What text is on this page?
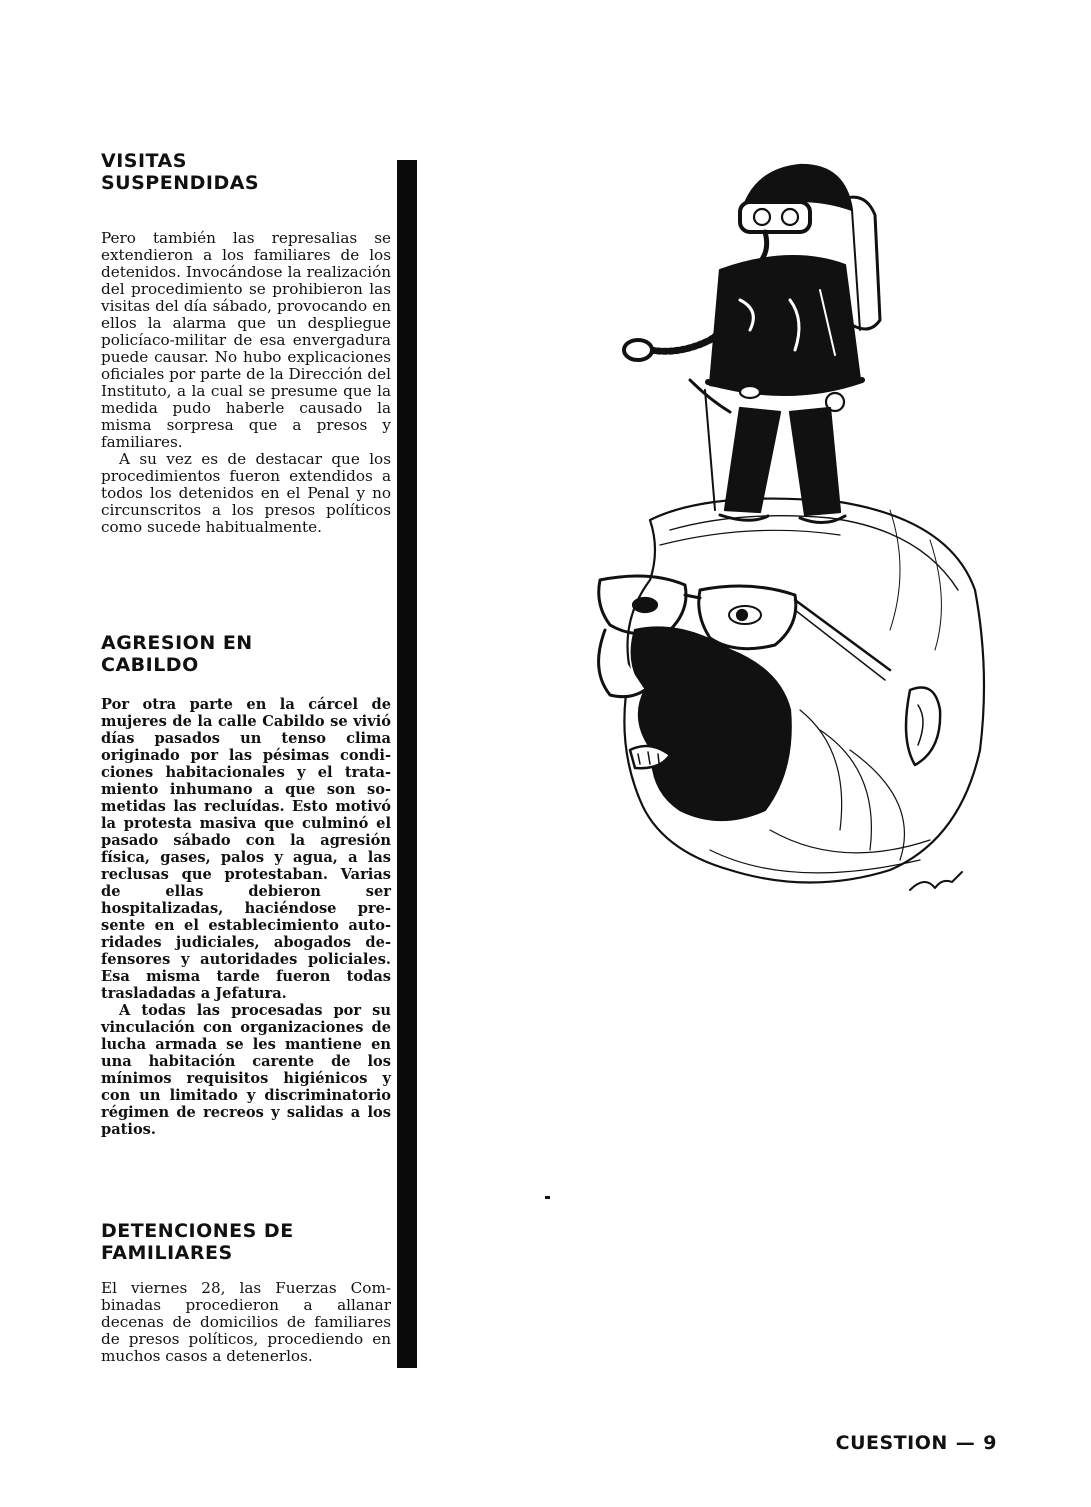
VISITAS
SUSPENDIDAS

Pero también las represalias se extendieron a los familiares de los detenidos. Invocándose la realización del procedimiento se prohibieron las visitas del día sábado, provocando en ellos la alarma que un despliegue policíaco-militar de esa envergadura puede causar. No hubo explicaciones oficiales por parte de la Dirección del Instituto, a la cual se presume que la medida pudo haberle causado la misma sorpresa que a presos y familiares.

A su vez es de destacar que los procedimientos fueron extendidos a todos los detenidos en el Penal y no circunscritos a los presos políticos como sucede habitualmente.

AGRESION EN
CABILDO

Por otra parte en la cárcel de mujeres de la calle Cabildo se vivió días pasados un tenso clima originado por las pésimas condiciones habitacionales y el tratamiento inhumano a que son sometidas las recluídas. Esto motivó la protesta masiva que culminó el pasado sábado con la agresión física, gases, palos y agua, a las reclusas que protestaban. Varias de ellas debieron ser hospitalizadas, haciéndose presente en el establecimiento autoridades judiciales, abogados defensores y autoridades policiales. Esa misma tarde fueron todas trasladadas a Jefatura.

A todas las procesadas por su vinculación con organizaciones de lucha armada se les mantiene en una habitación carente de los mínimos requisitos higiénicos y con un limitado y discriminatorio régimen de recreos y salidas a los patios.

DETENCIONES DE
FAMILIARES

El viernes 28, las Fuerzas Combinadas procedieron a allanar decenas de domicilios de familiares de presos políticos, procediendo en muchos casos a detenerlos.

CUESTION — 9
